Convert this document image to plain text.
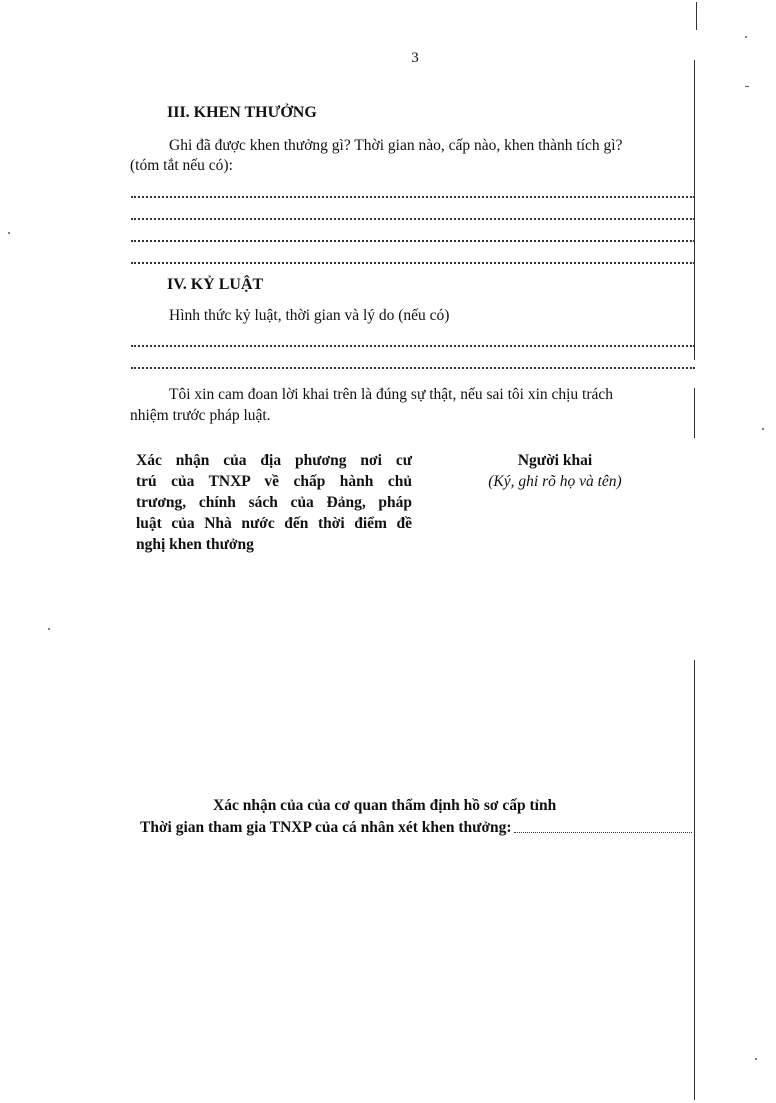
3
III. KHEN THƯỞNG
Ghi đã được khen thưởng gì? Thời gian nào, cấp nào, khen thành tích gì?
(tóm tắt nếu có):
IV. KỶ LUẬT
Hình thức kỷ luật, thời gian và lý do (nếu có)
Tôi xin cam đoan lời khai trên là đúng sự thật, nếu sai tôi xin chịu trách
nhiệm trước pháp luật.
Xác nhận của địa phương nơi cư
trú của TNXP về chấp hành chủ
trương, chính sách của Đảng, pháp
luật của Nhà nước đến thời điểm đề
nghị khen thưởng
Người khai
(Ký, ghi rõ họ và tên)
Xác nhận của của cơ quan thẩm định hồ sơ cấp tỉnh
Thời gian tham gia TNXP của cá nhân xét khen thưởng:
